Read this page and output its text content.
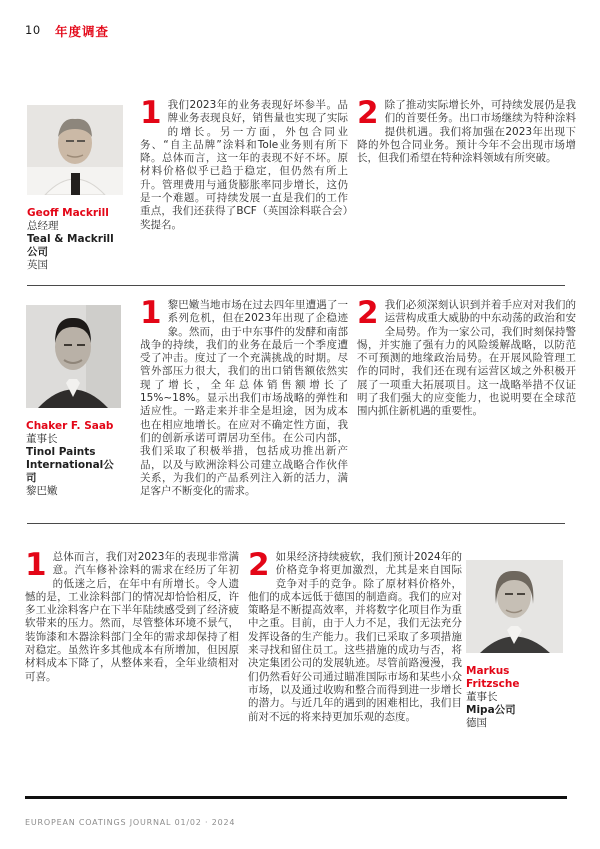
10 年度调查
Geoff Mackrill
总经理
Teal & Mackrill公司
英国

1 我们2023年的业务表现好坏参半。品牌业务表现良好，销售量也实现了实际的增长。另一方面，外包合同业务、“自主品牌”涂料和Tole业务则有所下降。总体而言，这一年的表现不好不坏。原材料价格似乎已趋于稳定，但仍然有所上升。管理费用与通货膨胀率同步增长，这仍是一个难题。可持续发展一直是我们的工作重点，我们还获得了BCF（英国涂料联合会）奖提名。

2 除了推动实际增长外，可持续发展仍是我们的首要任务。出口市场继续为特种涂料提供机遇。我们将加强在2023年出现下降的外包合同业务。预计今年不会出现市场增长，但我们希望在特种涂料领域有所突破。

Chaker F. Saab
董事长
Tinol Paints International公司
黎巴嫩

1 黎巴嫩当地市场在过去四年里遭遇了一系列危机，但在2023年出现了企稳迹象。然而，由于中东事件的发酵和南部战争的持续，我们的业务在最后一个季度遭受了冲击。度过了一个充满挑战的时期。尽管外部压力很大，我们的出口销售额依然实现了增长，全年总体销售额增长了15%~18%。显示出我们市场战略的弹性和适应性。一路走来并非全是坦途，因为成本也在相应地增长。在应对不确定性方面，我们的创新承诺可谓居功至伟。在公司内部，我们采取了积极举措，包括成功推出新产品，以及与欧洲涂料公司建立战略合作伙伴关系，为我们的产品系列注入新的活力，满足客户不断变化的需求。

2 我们必须深刻认识到并着手应对对我们的运营构成重大威胁的中东动荡的政治和安全局势。作为一家公司，我们时刻保持警惕，并实施了强有力的风险缓解战略，以防范不可预测的地缘政治局势。在开展风险管理工作的同时，我们还在现有运营区域之外积极开展了一项重大拓展项目。这一战略举措不仅证明了我们强大的应变能力，也说明要在全球范围内抓住新机遇的重要性。

1 总体而言，我们对2023年的表现非常满意。汽车修补涂料的需求在经历了年初的低迷之后，在年中有所增长。令人遗憾的是，工业涂料部门的情况却恰恰相反，许多工业涂料客户在下半年陆续感受到了经济疲软带来的压力。然而，尽管整体环境不景气，装饰漆和木器涂料部门全年的需求却保持了相对稳定。虽然许多其他成本有所增加，但因原材料成本下降了，从整体来看，全年业绩相对可喜。

2 如果经济持续疲软，我们预计2024年的价格竞争将更加激烈，尤其是来自国际竞争对手的竞争。除了原材料价格外，他们的成本远低于德国的制造商。我们的应对策略是不断提高效率，并将数字化项目作为重中之重。目前，由于人力不足，我们无法充分发挥设备的生产能力。我们已采取了多项措施来寻找和留住员工。这些措施的成功与否，将决定集团公司的发展轨迹。尽管前路漫漫，我们仍然看好公司通过瞄准国际市场和某些小众市场，以及通过收购和整合而得到进一步增长的潜力。与近几年的遇到的困难相比，我们目前对不远的将来持更加乐观的态度。

Markus Fritzsche
董事长
Mipa公司
德国
EUROPEAN COATINGS JOURNAL 01/02 · 2024
